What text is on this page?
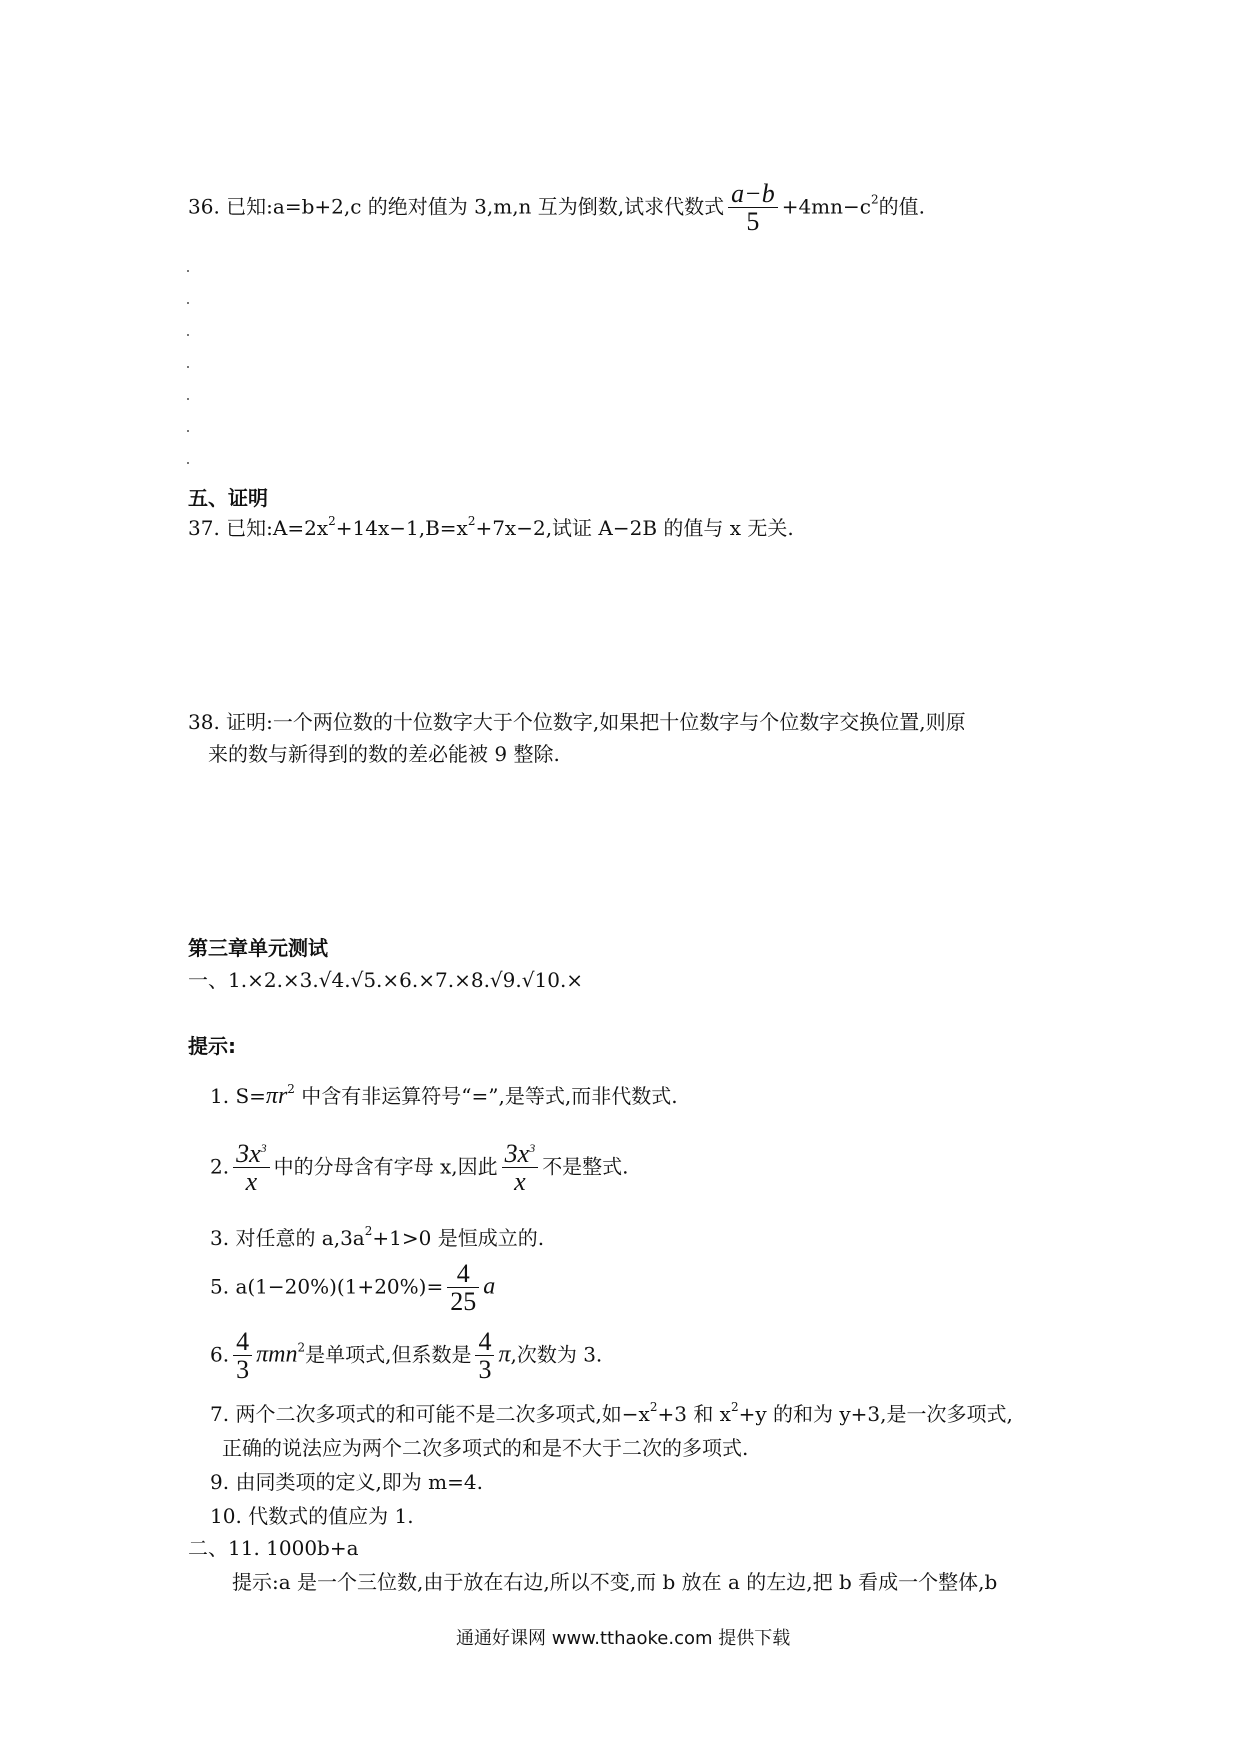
36. 已知:a=b+2,c 的绝对值为 3,m,n 互为倒数,试求代数式 $\frac{a-b}{5} +4mn-c^2$的值.
五、证明
37. 已知$:A=2x^2+14x-1,B=x^2+7x-2$,试证 A−2B 的值与 x 无关.
38. 证明:一个两位数的十位数字大于个位数字,如果把十位数字与个位数字交换位置,则原
来的数与新得到的数的差必能被 9 整除.
第三章单元测试
一、1.×2.×3.√4.√5.×6.×7.×8.√9.√10.×
提示:
1. $S=\pi r^2$ 中含有非运算符号“=”,是等式,而非代数式.
2. $\frac{3x^3}{x}$ 中的分母含有字母 x,因此 $\frac{3x^3}{x}$ 不是整式.
3. 对任意的 $a,3a^2+1>0$ 是恒成立的.
5. $a(1-20\%)(1+20\%)= \frac{4}{25}$ a
6. $\frac{4}{3} \pi mn^2$是单项式,但系数是 $\frac{4}{3} \pi$,次数为 3.
7. 两个二次多项式的和可能不是二次多项式,如$-x^2+3$ 和 $x^2+y$ 的和为 y+3,是一次多项式,
正确的说法应为两个二次多项式的和是不大于二次的多项式.
9. 由同类项的定义,即为 m=4.
10. 代数式的值应为 1.
二、11. 1000b+a
提示:a 是一个三位数,由于放在右边,所以不变,而 b 放在 a 的左边,把 b 看成一个整体,b
通通好课网 www.tthaoke.com 提供下载
